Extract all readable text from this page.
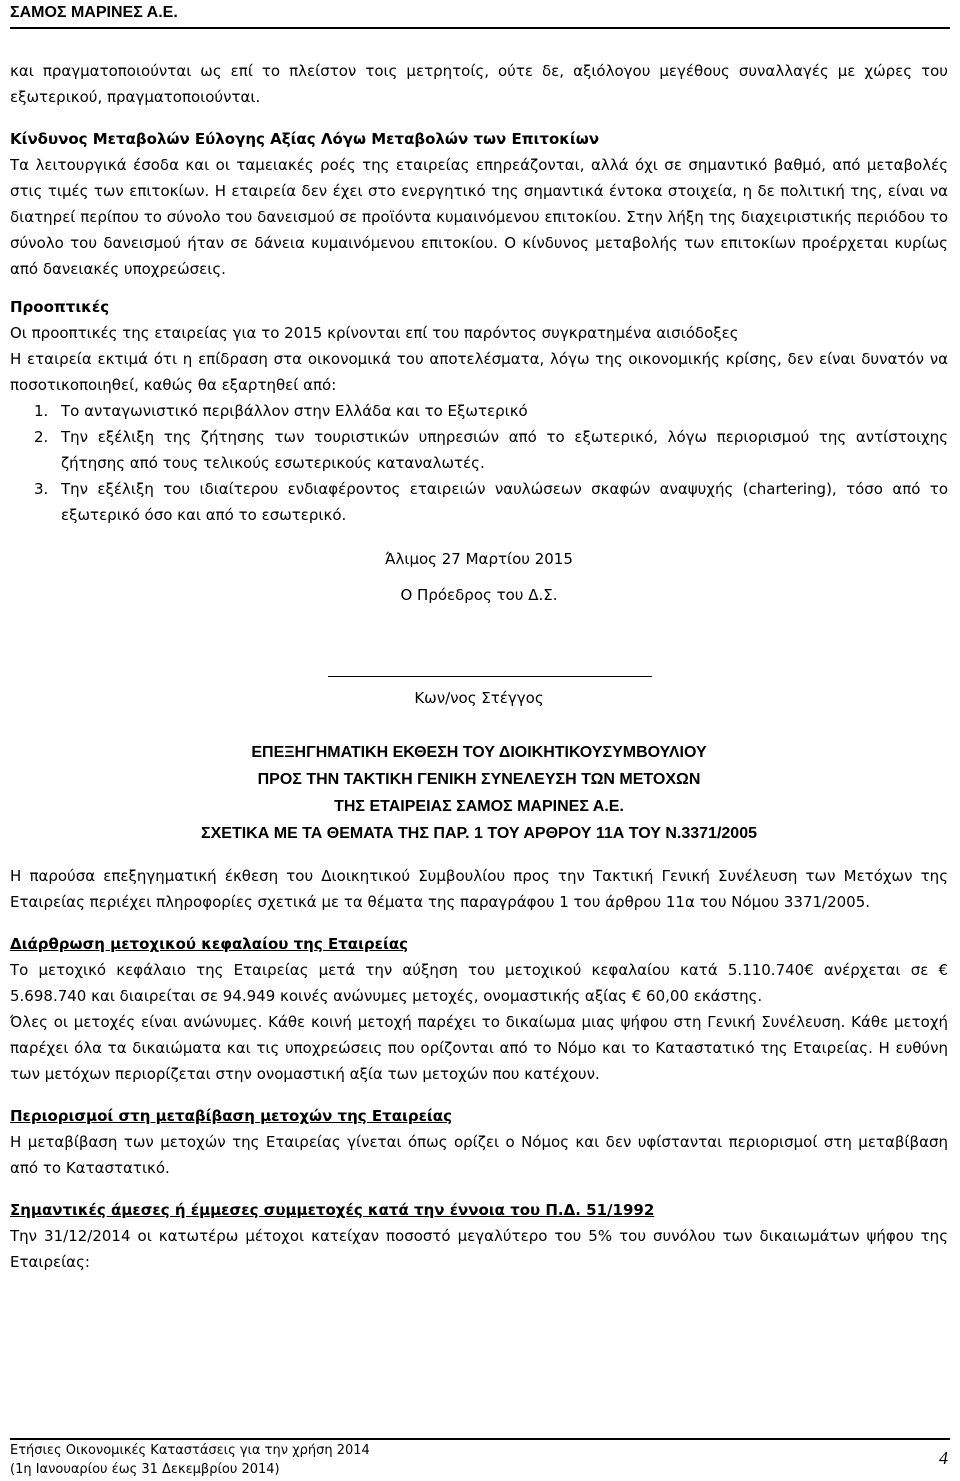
ΣΑΜΟΣ ΜΑΡΙΝΕΣ Α.Ε.

και πραγματοποιούνται ως επί το πλείστον τοις μετρητοίς, ούτε δε, αξιόλογου μεγέθους συναλλαγές με χώρες του εξωτερικού, πραγματοποιούνται.

Κίνδυνος Μεταβολών Εύλογης Αξίας Λόγω Μεταβολών των Επιτοκίων

Τα λειτουργικά έσοδα και οι ταμειακές ροές της εταιρείας επηρεάζονται, αλλά όχι σε σημαντικό βαθμό, από μεταβολές στις τιμές των επιτοκίων. Η εταιρεία δεν έχει στο ενεργητικό της σημαντικά έντοκα στοιχεία, η δε πολιτική της, είναι να διατηρεί περίπου το σύνολο του δανεισμού σε προϊόντα κυμαινόμενου επιτοκίου. Στην λήξη της διαχειριστικής περιόδου το σύνολο του δανεισμού ήταν σε δάνεια κυμαινόμενου επιτοκίου. Ο κίνδυνος μεταβολής των επιτοκίων προέρχεται κυρίως από δανειακές υποχρεώσεις.

Προοπτικές

Οι προοπτικές της εταιρείας για το 2015 κρίνονται επί του παρόντος συγκρατημένα αισιόδοξες

Η εταιρεία εκτιμά ότι η επίδραση στα οικονομικά του αποτελέσματα, λόγω της οικονομικής κρίσης, δεν είναι δυνατόν να ποσοτικοποιηθεί, καθώς θα εξαρτηθεί από:

1. Το ανταγωνιστικό περιβάλλον στην Ελλάδα και το Εξωτερικό
2. Την εξέλιξη της ζήτησης των τουριστικών υπηρεσιών από το εξωτερικό, λόγω περιορισμού της αντίστοιχης ζήτησης από τους τελικούς εσωτερικούς καταναλωτές.
3. Την εξέλιξη του ιδιαίτερου ενδιαφέροντος εταιρειών ναυλώσεων σκαφών αναψυχής (chartering), τόσο από το εξωτερικό όσο και από το εσωτερικό.

Άλιμος 27 Μαρτίου 2015

Ο Πρόεδρος του Δ.Σ.

Κων/νος Στέγγος

ΕΠΕΞΗΓΗΜΑΤΙΚΗ ΕΚΘΕΣΗ ΤΟΥ ΔΙΟΙΚΗΤΙΚΟΥΣΥΜΒΟΥΛΙΟΥ

ΠΡΟΣ ΤΗΝ ΤΑΚΤΙΚΗ ΓΕΝΙΚΗ ΣΥΝΕΛΕΥΣΗ ΤΩΝ ΜΕΤΟΧΩΝ

ΤΗΣ ΕΤΑΙΡΕΙΑΣ ΣΑΜΟΣ ΜΑΡΙΝΕΣ Α.Ε.

ΣΧΕΤΙΚΑ ΜΕ ΤΑ ΘΕΜΑΤΑ ΤΗΣ ΠΑΡ. 1 ΤΟΥ ΑΡΘΡΟΥ 11Α ΤΟΥ Ν.3371/2005

Η παρούσα επεξηγηματική έκθεση του Διοικητικού Συμβουλίου προς την Τακτική Γενική Συνέλευση των Μετόχων της Εταιρείας περιέχει πληροφορίες σχετικά με τα θέματα της παραγράφου 1 του άρθρου 11α του Νόμου 3371/2005.

Διάρθρωση μετοχικού κεφαλαίου της Εταιρείας

Το μετοχικό κεφάλαιο της Εταιρείας μετά την αύξηση του μετοχικού κεφαλαίου κατά 5.110.740€ ανέρχεται σε € 5.698.740 και διαιρείται σε 94.949 κοινές ανώνυμες μετοχές, ονομαστικής αξίας € 60,00 εκάστης.

Όλες οι μετοχές είναι ανώνυμες. Κάθε κοινή μετοχή παρέχει το δικαίωμα μιας ψήφου στη Γενική Συνέλευση. Κάθε μετοχή παρέχει όλα τα δικαιώματα και τις υποχρεώσεις που ορίζονται από το Νόμο και το Καταστατικό της Εταιρείας. Η ευθύνη των μετόχων περιορίζεται στην ονομαστική αξία των μετοχών που κατέχουν.

Περιορισμοί στη μεταβίβαση μετοχών της Εταιρείας

Η μεταβίβαση των μετοχών της Εταιρείας γίνεται όπως ορίζει ο Νόμος και δεν υφίστανται περιορισμοί στη μεταβίβαση από το Καταστατικό.

Σημαντικές άμεσες ή έμμεσες συμμετοχές κατά την έννοια του Π.Δ. 51/1992

Την 31/12/2014 οι κατωτέρω μέτοχοι κατείχαν ποσοστό μεγαλύτερο του 5% του συνόλου των δικαιωμάτων ψήφου της Εταιρείας:

Ετήσιες Οικονομικές Καταστάσεις για την χρήση 2014
(1η Ιανουαρίου έως 31 Δεκεμβρίου 2014)
4
